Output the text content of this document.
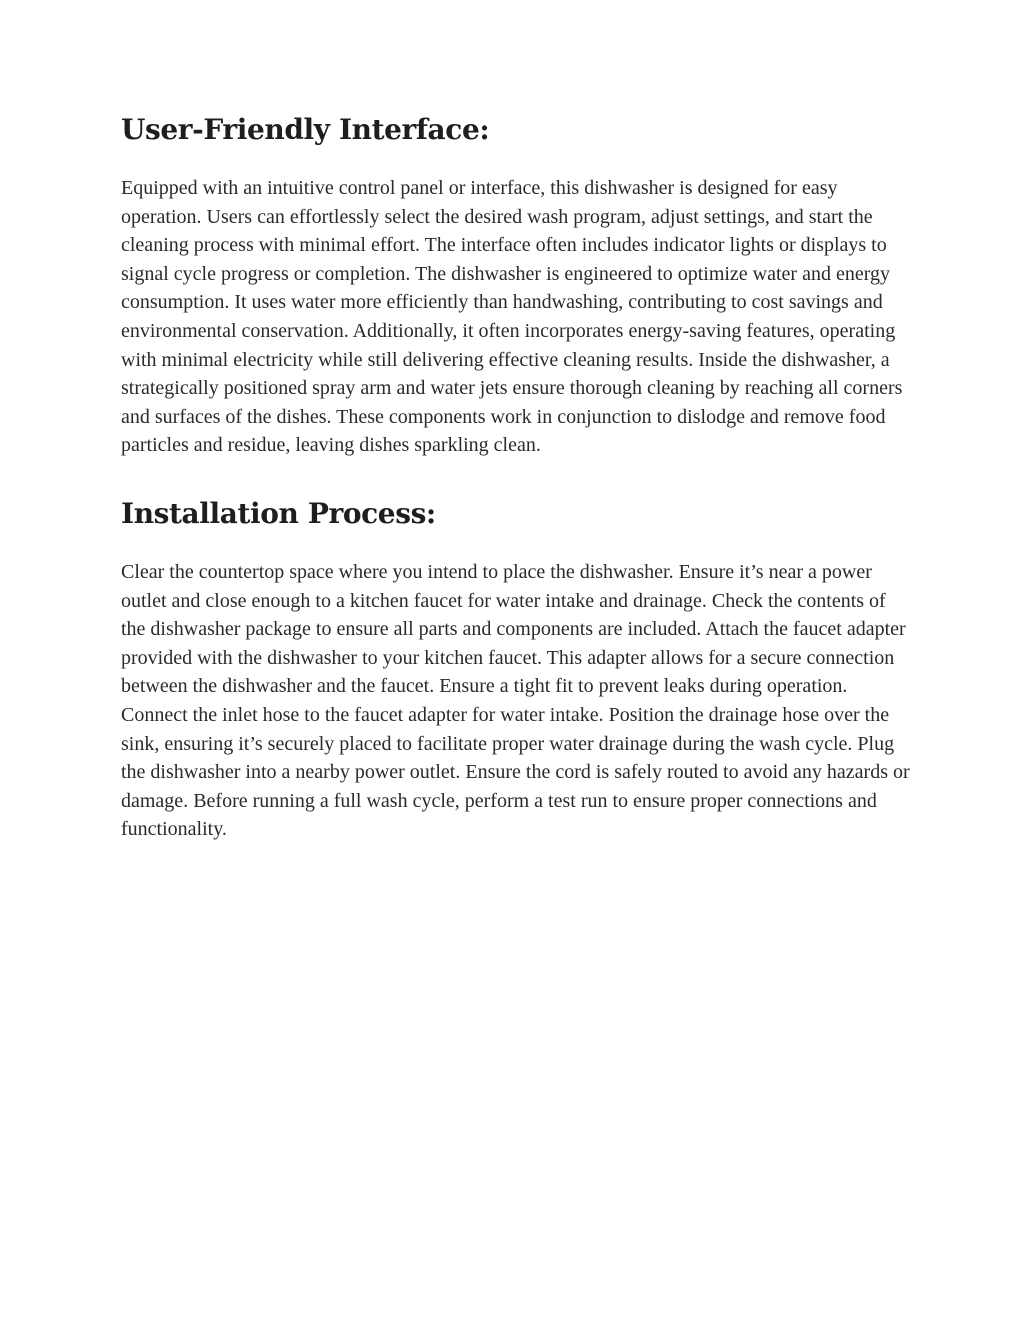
User-Friendly Interface:

Equipped with an intuitive control panel or interface, this dishwasher is designed for easy operation. Users can effortlessly select the desired wash program, adjust settings, and start the cleaning process with minimal effort. The interface often includes indicator lights or displays to signal cycle progress or completion. The dishwasher is engineered to optimize water and energy consumption. It uses water more efficiently than handwashing, contributing to cost savings and environmental conservation. Additionally, it often incorporates energy-saving features, operating with minimal electricity while still delivering effective cleaning results. Inside the dishwasher, a strategically positioned spray arm and water jets ensure thorough cleaning by reaching all corners and surfaces of the dishes. These components work in conjunction to dislodge and remove food particles and residue, leaving dishes sparkling clean.

Installation Process:

Clear the countertop space where you intend to place the dishwasher. Ensure it’s near a power outlet and close enough to a kitchen faucet for water intake and drainage. Check the contents of the dishwasher package to ensure all parts and components are included. Attach the faucet adapter provided with the dishwasher to your kitchen faucet. This adapter allows for a secure connection between the dishwasher and the faucet. Ensure a tight fit to prevent leaks during operation. Connect the inlet hose to the faucet adapter for water intake. Position the drainage hose over the sink, ensuring it’s securely placed to facilitate proper water drainage during the wash cycle. Plug the dishwasher into a nearby power outlet. Ensure the cord is safely routed to avoid any hazards or damage. Before running a full wash cycle, perform a test run to ensure proper connections and functionality.
